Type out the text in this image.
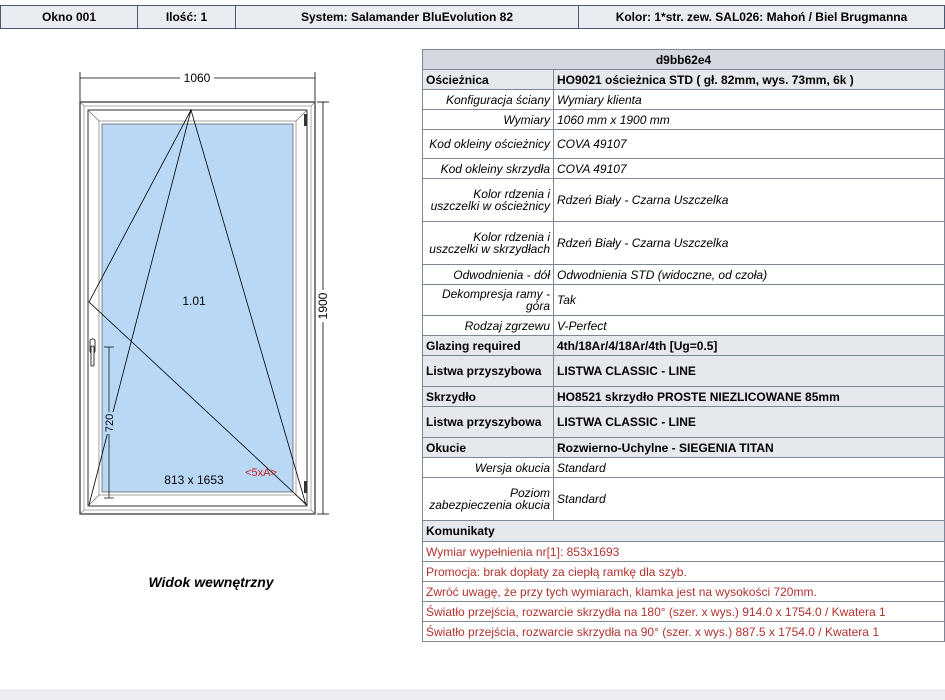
Okno 001	Ilość: 1	System: Salamander BluEvolution 82	Kolor: 1*str. zew. SAL026: Mahoń / Biel Brugmanna
1060
1900
720
1.01
813 x 1653 <5xA>
Widok wewnętrzny
d9bb62e4	
Ościeżnica	HO9021 ościeżnica STD ( gł. 82mm, wys. 73mm, 6k )
Konfiguracja ściany	Wymiary klienta
Wymiary	1060 mm x 1900 mm
Kod okleiny ościeżnicy	COVA 49107
Kod okleiny skrzydła	COVA 49107
Kolor rdzenia i uszczelki w ościeżnicy	Rdzeń Biały - Czarna Uszczelka
Kolor rdzenia i uszczelki w skrzydłach	Rdzeń Biały - Czarna Uszczelka
Odwodnienia - dół	Odwodnienia STD (widoczne, od czoła)
Dekompresja ramy - góra	Tak
Rodzaj zgrzewu	V-Perfect
Glazing required	4th/18Ar/4/18Ar/4th [Ug=0.5]
Listwa przyszybowa	LISTWA CLASSIC - LINE
Skrzydło	HO8521 skrzydło PROSTE NIEZLICOWANE 85mm
Listwa przyszybowa	LISTWA CLASSIC - LINE
Okucie	Rozwierno-Uchylne - SIEGENIA TITAN
Wersja okucia	Standard
Poziom zabezpieczenia okucia	Standard
Komunikaty	
Wymiar wypełnienia nr[1]: 853x1693	
Promocja: brak dopłaty za ciepłą ramkę dla szyb.	
Zwróć uwagę, że przy tych wymiarach, klamka jest na wysokości 720mm.	
Światło przejścia, rozwarcie skrzydła na 180° (szer. x wys.) 914.0 x 1754.0 / Kwatera 1	
Światło przejścia, rozwarcie skrzydła na 90° (szer. x wys.) 887.5 x 1754.0 / Kwatera 1	
